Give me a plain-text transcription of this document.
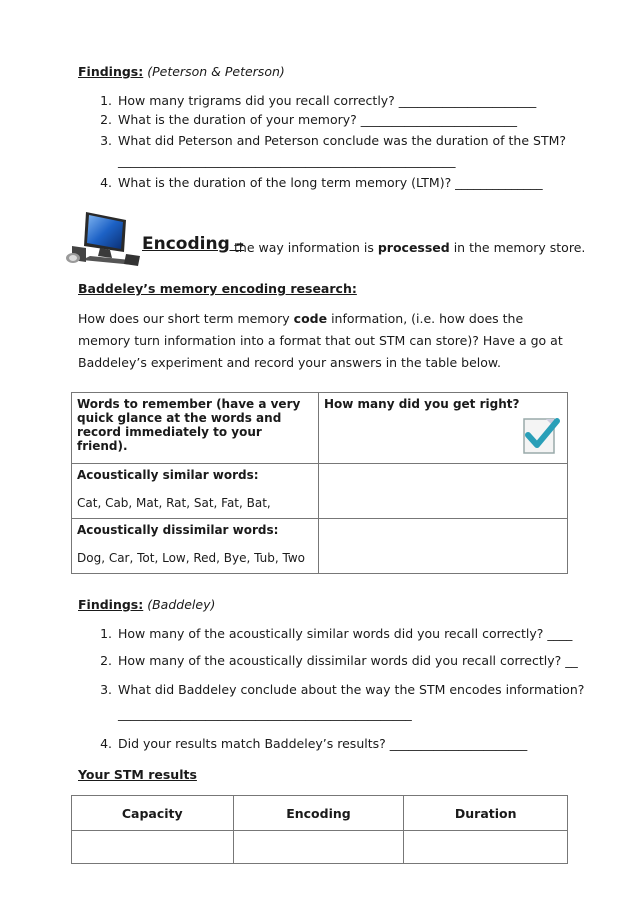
Findings: (Peterson & Peterson)
1. How many trigrams did you recall correctly? ______________________
2. What is the duration of your memory? _________________________
3. What did Peterson and Peterson conclude was the duration of the STM? ______________________________________________________
4. What is the duration of the long term memory (LTM)? ______________
Encoding –
the way information is processed in the memory store.
Baddeley’s memory encoding research:
How does our short term memory code information, (i.e. how does the memory turn information into a format that out STM can store)? Have a go at Baddeley’s experiment and record your answers in the table below.
Words to remember (have a very quick glance at the words and record immediately to your friend).	How many did you get right?

Acoustically similar words:
Cat, Cab, Mat, Rat, Sat, Fat, Bat,	

Acoustically dissimilar words:
Dog, Car, Tot, Low, Red, Bye, Tub, Two	

Findings: (Baddeley)
1. How many of the acoustically similar words did you recall correctly? ____
2. How many of the acoustically dissimilar words did you recall correctly? __
3. What did Baddeley conclude about the way the STM encodes information? _______________________________________________
4. Did your results match Baddeley’s results? ______________________
Your STM results
Capacity	Encoding	Duration
